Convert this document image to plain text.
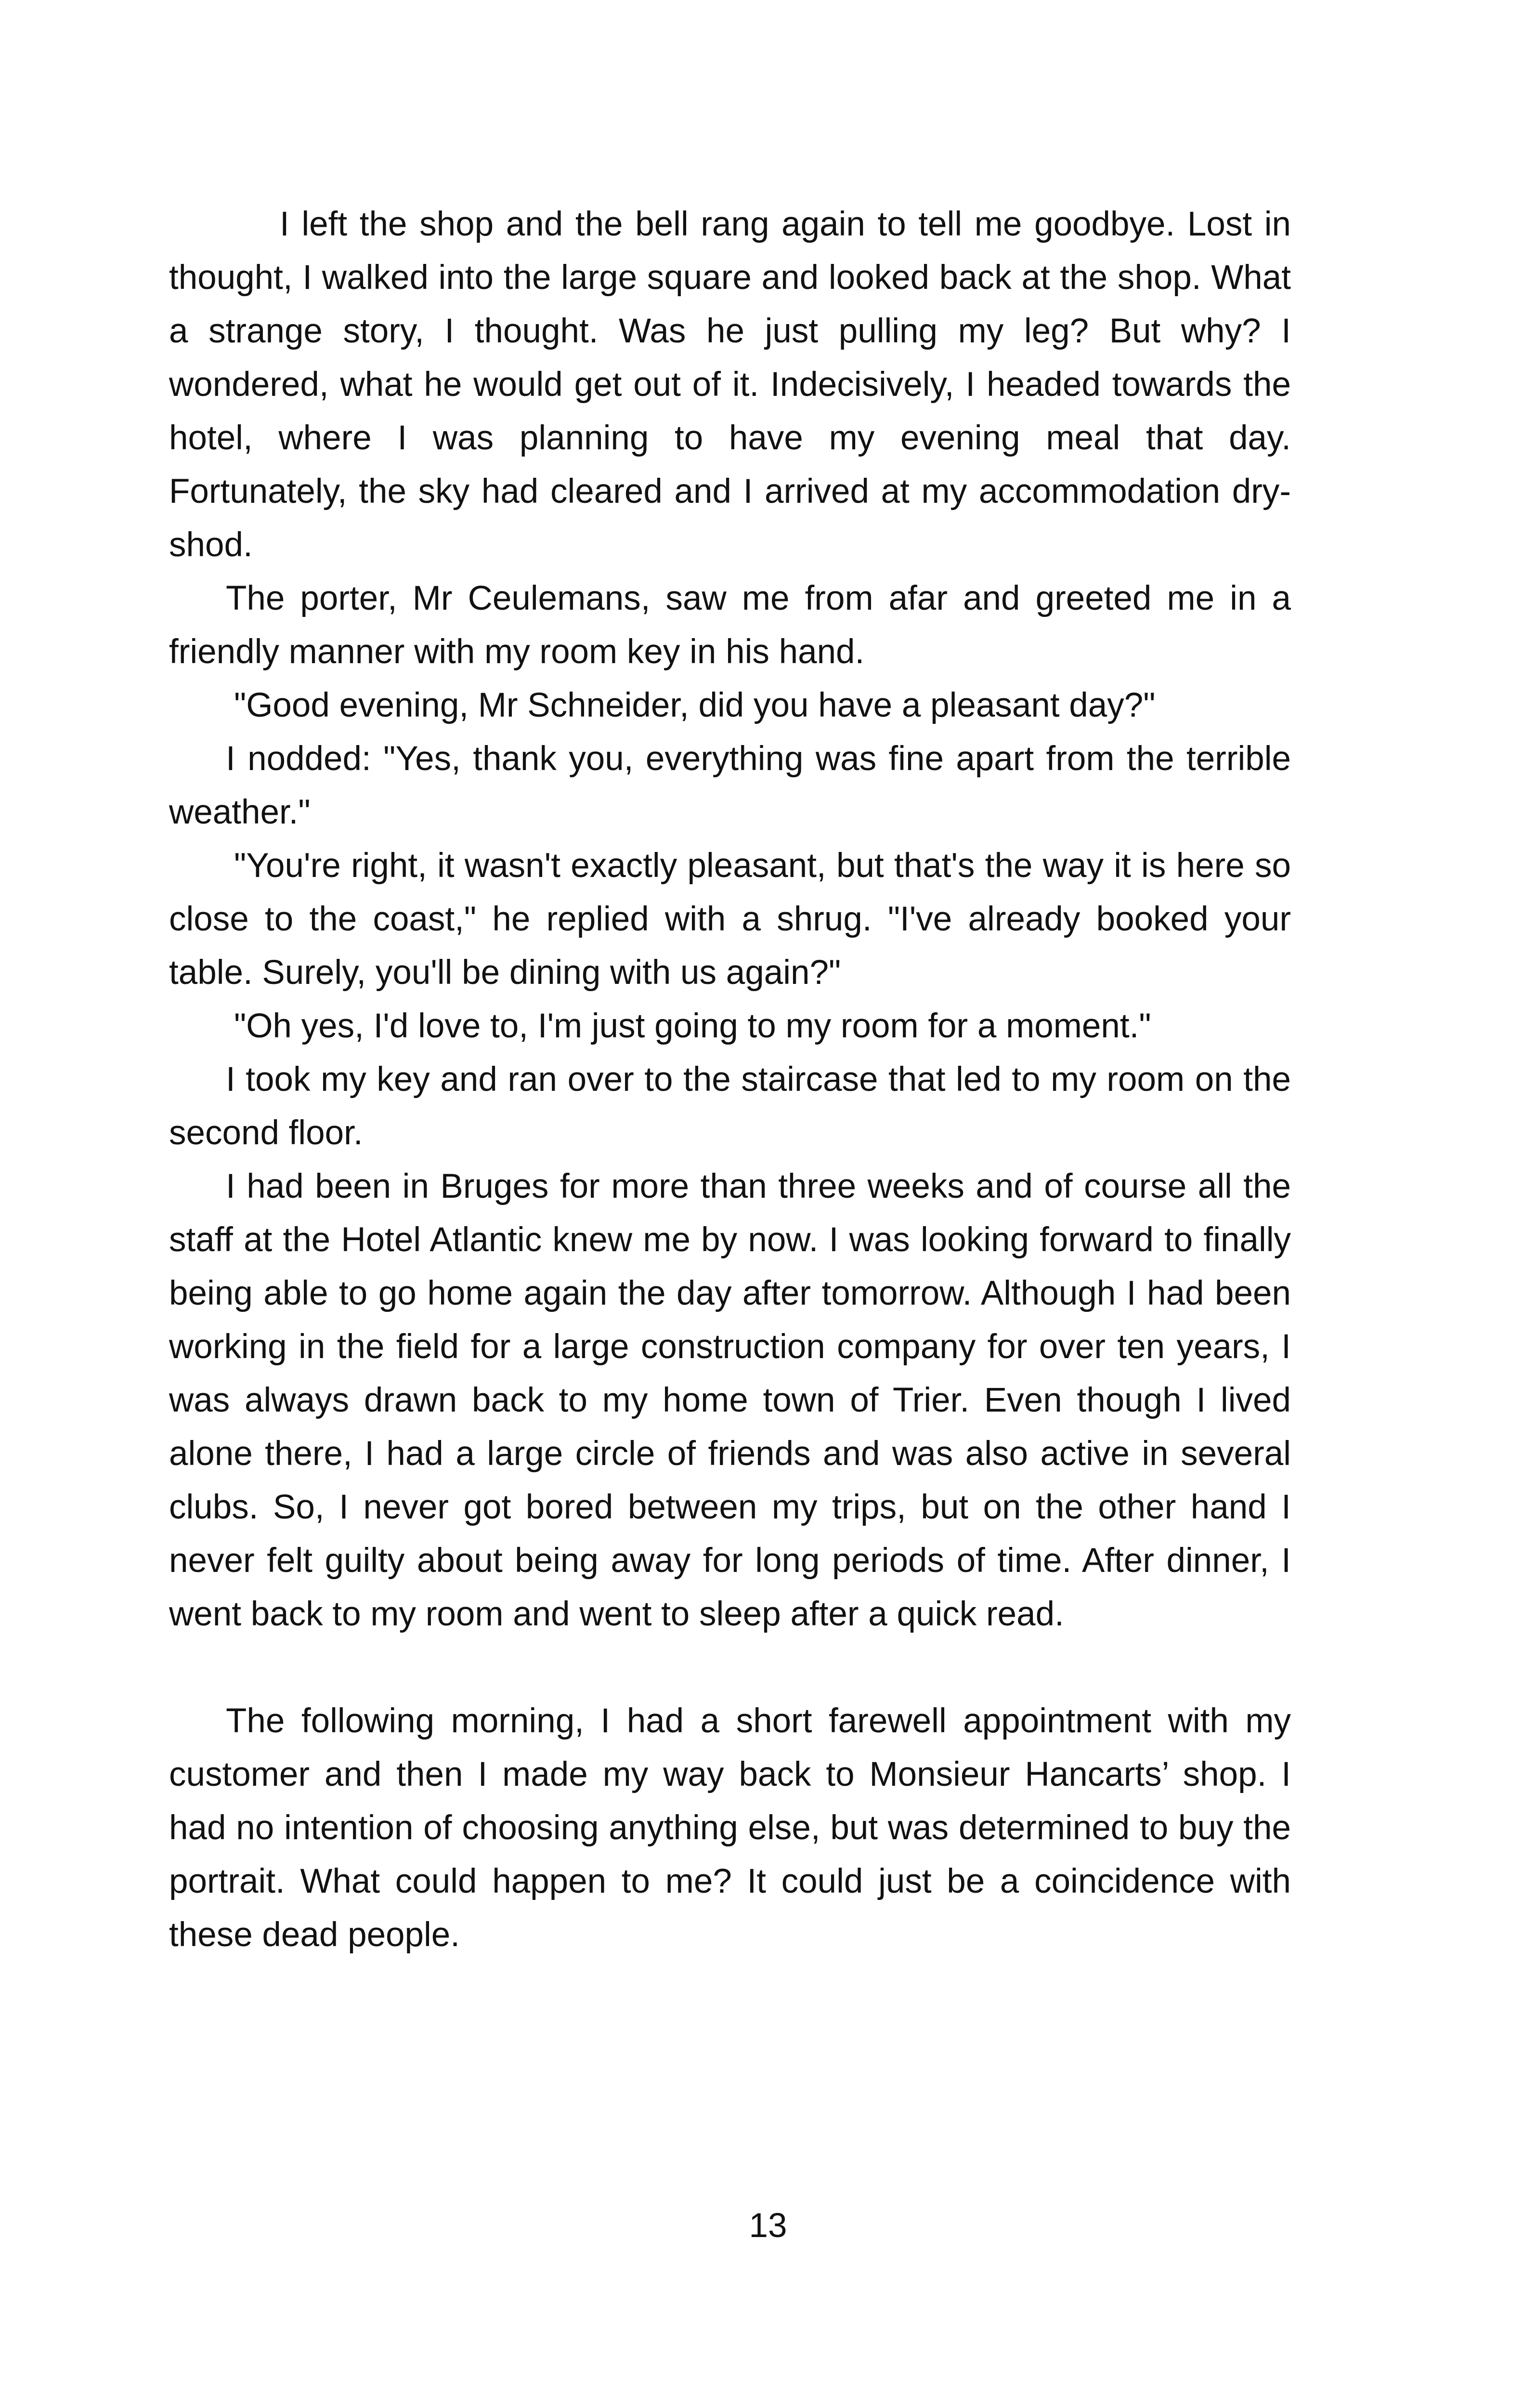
I left the shop and the bell rang again to tell me goodbye. Lost in thought, I walked into the large square and looked back at the shop. What a strange story, I thought. Was he just pulling my leg? But why? I wondered, what he would get out of it. Indecisively, I headed towards the hotel, where I was planning to have my evening meal that day. Fortunately, the sky had cleared and I arrived at my accommodation dry-shod.

The porter, Mr Ceulemans, saw me from afar and greeted me in a friendly manner with my room key in his hand.

"Good evening, Mr Schneider, did you have a pleasant day?"

I nodded: "Yes, thank you, everything was fine apart from the terrible weather."

"You're right, it wasn't exactly pleasant, but that's the way it is here so close to the coast," he replied with a shrug. "I've already booked your table. Surely, you'll be dining with us again?"

"Oh yes, I'd love to, I'm just going to my room for a moment."

I took my key and ran over to the staircase that led to my room on the second floor.

I had been in Bruges for more than three weeks and of course all the staff at the Hotel Atlantic knew me by now. I was looking forward to finally being able to go home again the day after tomorrow. Although I had been working in the field for a large construction company for over ten years, I was always drawn back to my home town of Trier. Even though I lived alone there, I had a large circle of friends and was also active in several clubs. So, I never got bored between my trips, but on the other hand I never felt guilty about being away for long periods of time. After dinner, I went back to my room and went to sleep after a quick read.

The following morning, I had a short farewell appointment with my customer and then I made my way back to Monsieur Hancarts’ shop. I had no intention of choosing anything else, but was determined to buy the portrait. What could happen to me? It could just be a coincidence with these dead people.

13
